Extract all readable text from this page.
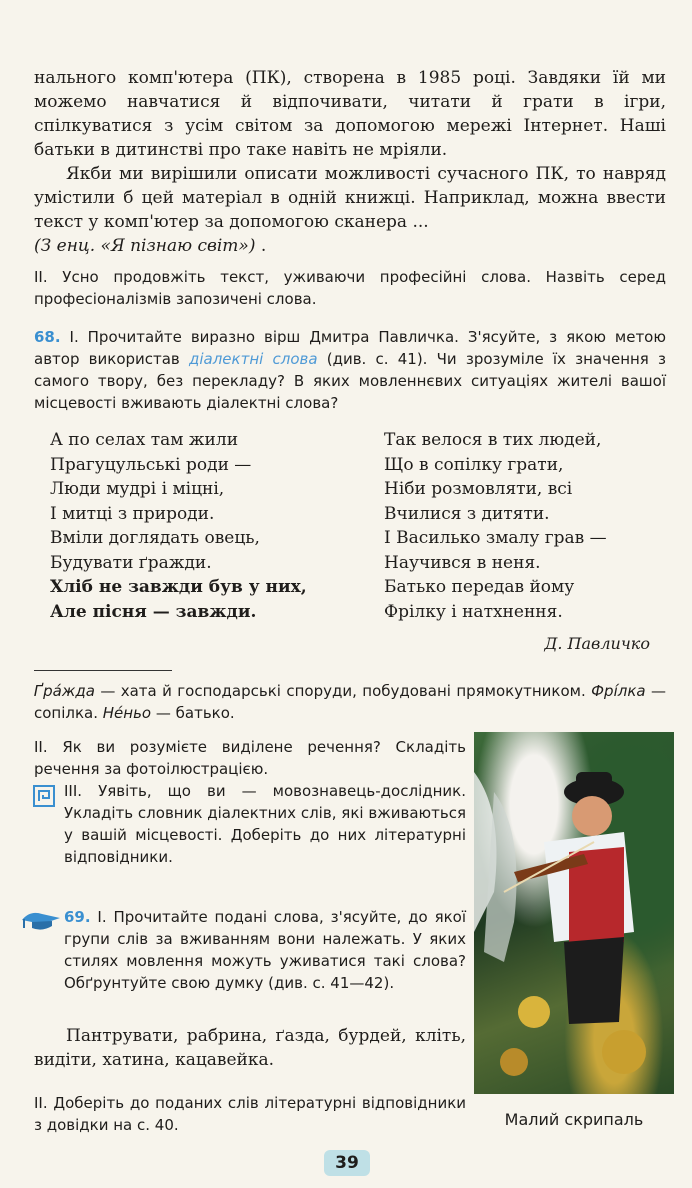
нального комп'ютера (ПК), створена в 1985 році. Завдяки їй ми можемо навчатися й відпочивати, читати й грати в ігри, спілкуватися з усім світом за допомогою мережі Інтернет. Наші батьки в дитинстві про таке навіть не мріяли.

Якби ми вирішили описати можливості сучасного ПК, то навряд умістили б цей матеріал в одній книжці. Наприклад, можна ввести текст у комп'ютер за допомогою сканера ...
(З енц. «Я пізнаю світ») .

II. Усно продовжіть текст, уживаючи професійні слова. Назвіть серед професіоналізмів запозичені слова.
68. I. Прочитайте виразно вірш Дмитра Павличка. З'ясуйте, з якою метою автор використав діалектні слова (див. с. 41). Чи зрозуміле їх значення з самого твору, без перекладу? В яких мовленнєвих ситуаціях жителі вашої місцевості вживають діалектні слова?
А по селах там жили
Прагуцульські роди —
Люди мудрі і міцні,
І митці з природи.
Вміли доглядать овець,
Будувати ґражди.
Хліб не завжди був у них,
Але пісня — завжди.
Так велося в тих людей,
Що в сопілку грати,
Ніби розмовляти, всі
Вчилися з дитяти.
І Василько змалу грав —
Научився в неня.
Батько передав йому
Фрілку і натхнення.
Д. Павличко
Ґра́жда — хата й господарські споруди, побудовані прямокутником. Фрі́лка — сопілка. Не́ньо — батько.
II. Як ви розумієте виділене речення? Складіть речення за фотоілюстрацією.
III. Уявіть, що ви — мовознавець-дослідник. Укладіть словник діалектних слів, які вживаються у вашій місцевості. Доберіть до них літературні відповідники.
69. I. Прочитайте подані слова, з'ясуйте, до якої групи слів за вживанням вони належать. У яких стилях мовлення можуть уживатися такі слова? Обґрунтуйте свою думку (див. с. 41—42).
Пантрувати, рабрина, ґазда, бурдей, кліть, видіти, хатина, кацавейка.
II. Доберіть до поданих слів літературні відповідники з довідки на с. 40.	Малий скрипаль
39
